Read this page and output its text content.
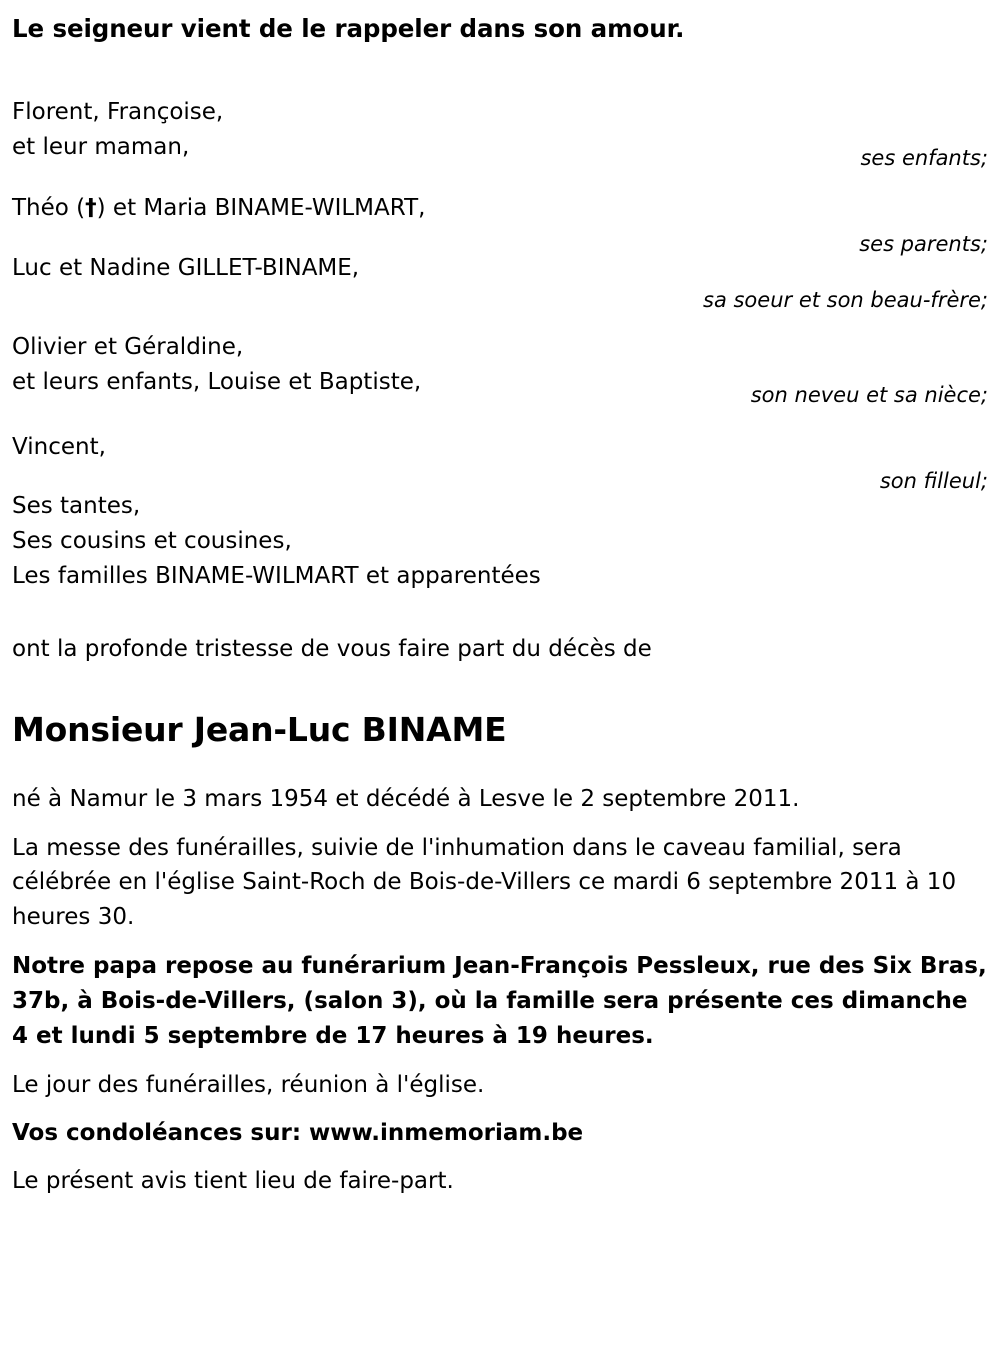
Le seigneur vient de le rappeler dans son amour.
Florent, Françoise,
et leur maman,	ses enfants;
Théo (†) et Maria BINAME-WILMART,
ses parents;
Luc et Nadine GILLET-BINAME,
sa soeur et son beau-frère;
Olivier et Géraldine,
et leurs enfants, Louise et Baptiste,
son neveu et sa nièce;
Vincent,
son filleul;
Ses tantes,
Ses cousins et cousines,
Les familles BINAME-WILMART et apparentées
ont la profonde tristesse de vous faire part du décès de
Monsieur Jean-Luc BINAME

né à Namur le 3 mars 1954 et décédé à Lesve le 2 septembre 2011.

La messe des funérailles, suivie de l'inhumation dans le caveau familial, sera célébrée en l'église Saint-Roch de Bois-de-Villers ce mardi 6 septembre 2011 à 10 heures 30.

Notre papa repose au funérarium Jean-François Pessleux, rue des Six Bras, 37b, à Bois-de-Villers, (salon 3), où la famille sera présente ces dimanche 4 et lundi 5 septembre de 17 heures à 19 heures.

Le jour des funérailles, réunion à l'église.

Vos condoléances sur: www.inmemoriam.be

Le présent avis tient lieu de faire-part.
